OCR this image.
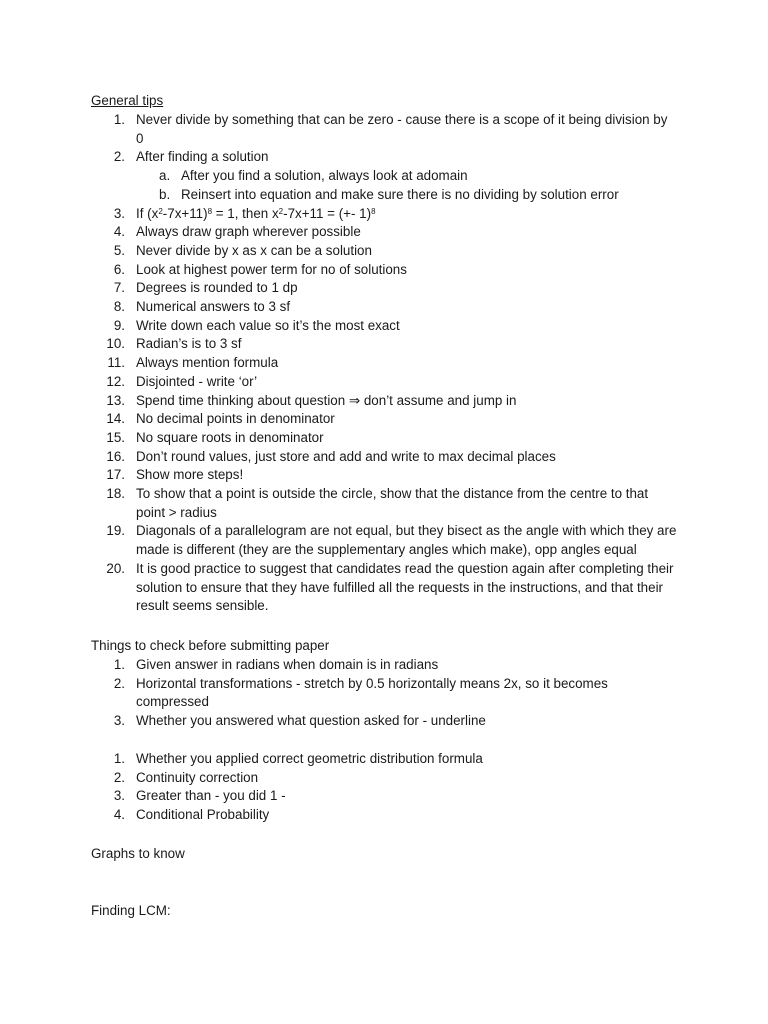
General tips
1. Never divide by something that can be zero - cause there is a scope of it being division by 0
2. After finding a solution
a. After you find a solution, always look at adomain
b. Reinsert into equation and make sure there is no dividing by solution error
3. If $(x^2-7x+11)^8 = 1$, then $x^2-7x+11$ = (+- 1)$^8$
4. Always draw graph wherever possible
5. Never divide by x as x can be a solution
6. Look at highest power term for no of solutions
7. Degrees is rounded to 1 dp
8. Numerical answers to 3 sf
9. Write down each value so it’s the most exact
10. Radian’s is to 3 sf
11. Always mention formula
12. Disjointed - write ‘or’
13. Spend time thinking about question ⇒ don’t assume and jump in
14. No decimal points in denominator
15. No square roots in denominator
16. Don’t round values, just store and add and write to max decimal places
17. Show more steps!
18. To show that a point is outside the circle, show that the distance from the centre to that point > radius
19. Diagonals of a parallelogram are not equal, but they bisect as the angle with which they are made is different (they are the supplementary angles which make), opp angles equal
20. It is good practice to suggest that candidates read the question again after completing their solution to ensure that they have fulfilled all the requests in the instructions, and that their result seems sensible.
Things to check before submitting paper
1. Given answer in radians when domain is in radians
2. Horizontal transformations - stretch by 0.5 horizontally means 2x, so it becomes compressed
3. Whether you answered what question asked for - underline
1. Whether you applied correct geometric distribution formula
2. Continuity correction
3. Greater than - you did 1 -
4. Conditional Probability
Graphs to know
Finding LCM:
